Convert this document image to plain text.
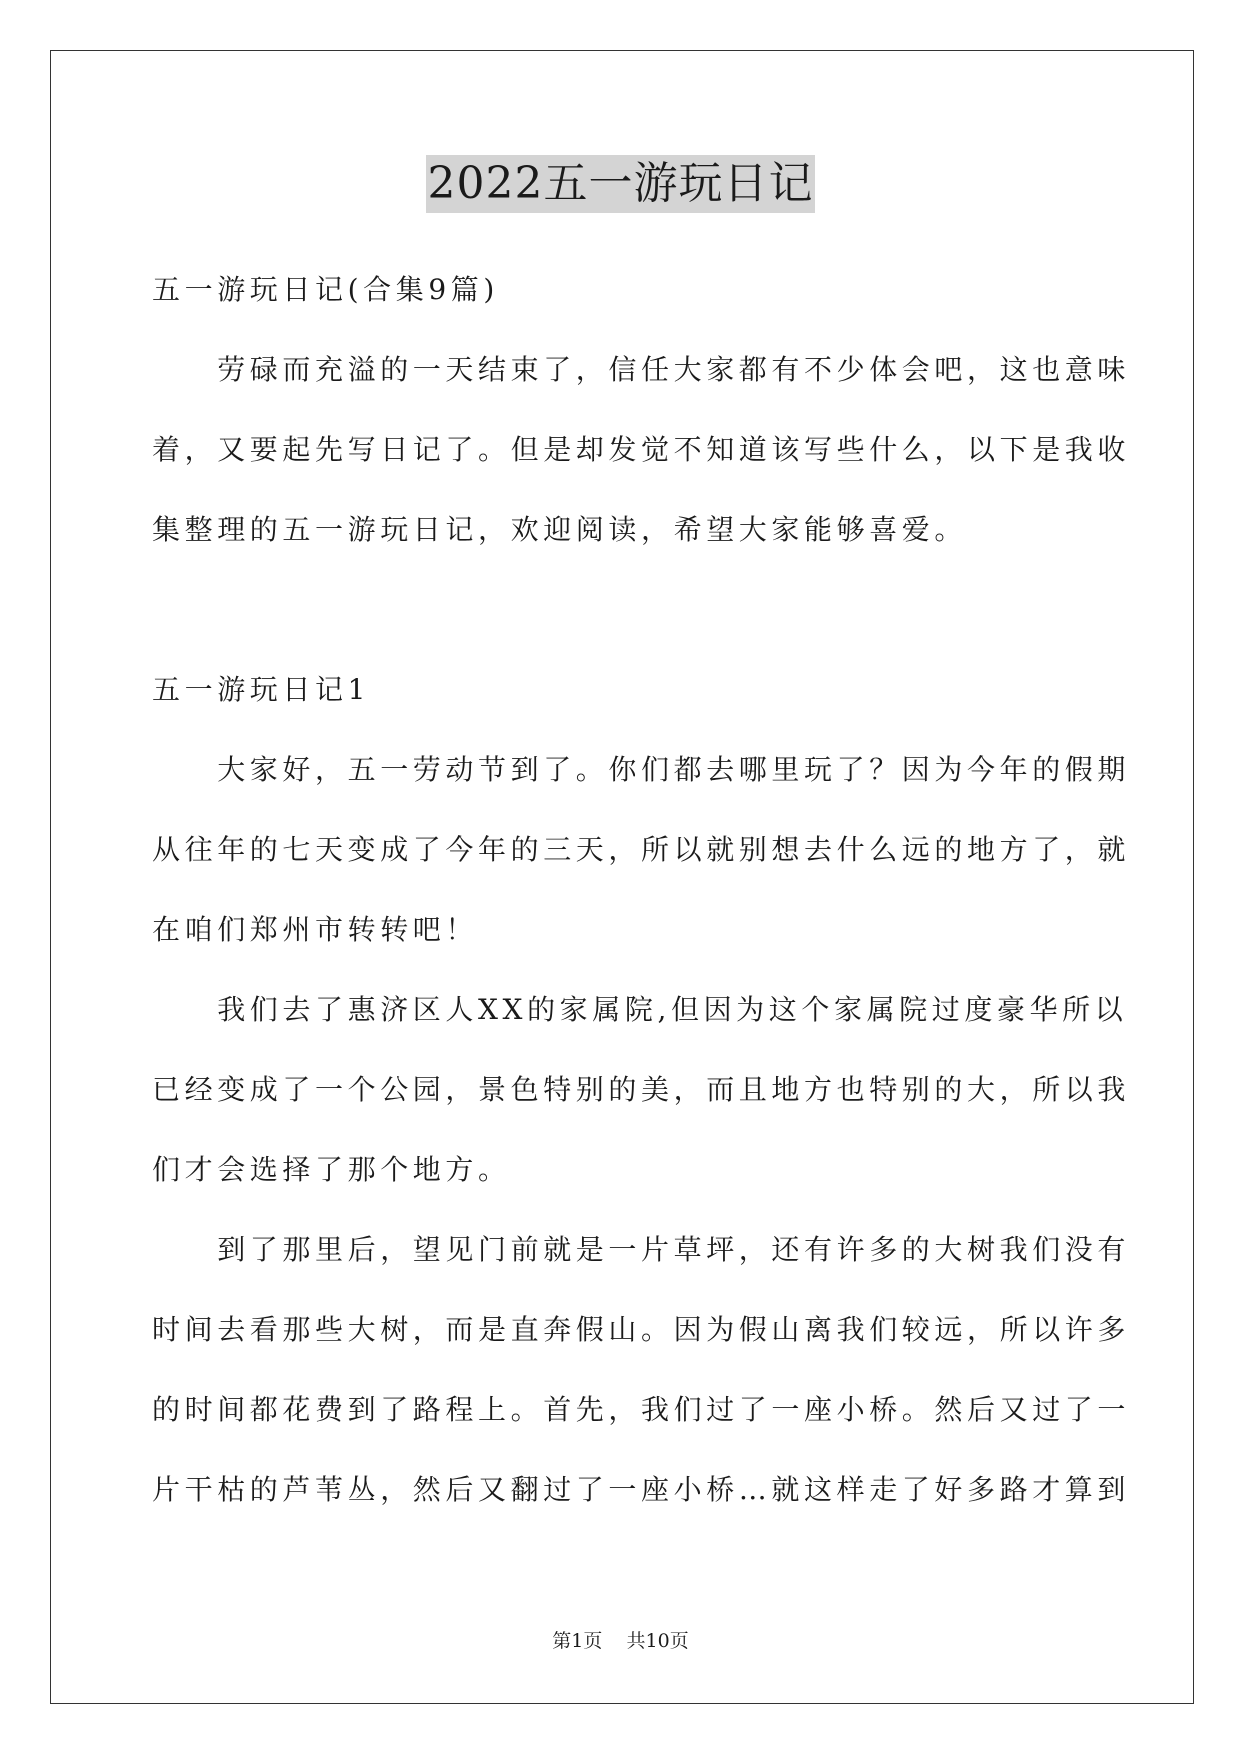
2022五一游玩日记
五一游玩日记(合集9篇)
　　劳碌而充溢的一天结束了，信任大家都有不少体会吧，这也意味
着，又要起先写日记了。但是却发觉不知道该写些什么，以下是我收
集整理的五一游玩日记，欢迎阅读，希望大家能够喜爱。
五一游玩日记1
　　大家好，五一劳动节到了。你们都去哪里玩了？因为今年的假期
从往年的七天变成了今年的三天，所以就别想去什么远的地方了，就
在咱们郑州市转转吧！
　　我们去了惠济区人XX的家属院,但因为这个家属院过度豪华所以
已经变成了一个公园，景色特别的美，而且地方也特别的大，所以我
们才会选择了那个地方。
　　到了那里后，望见门前就是一片草坪，还有许多的大树我们没有
时间去看那些大树，而是直奔假山。因为假山离我们较远，所以许多
的时间都花费到了路程上。首先，我们过了一座小桥。然后又过了一
片干枯的芦苇丛，然后又翻过了一座小桥…就这样走了好多路才算到
第1页 共10页
